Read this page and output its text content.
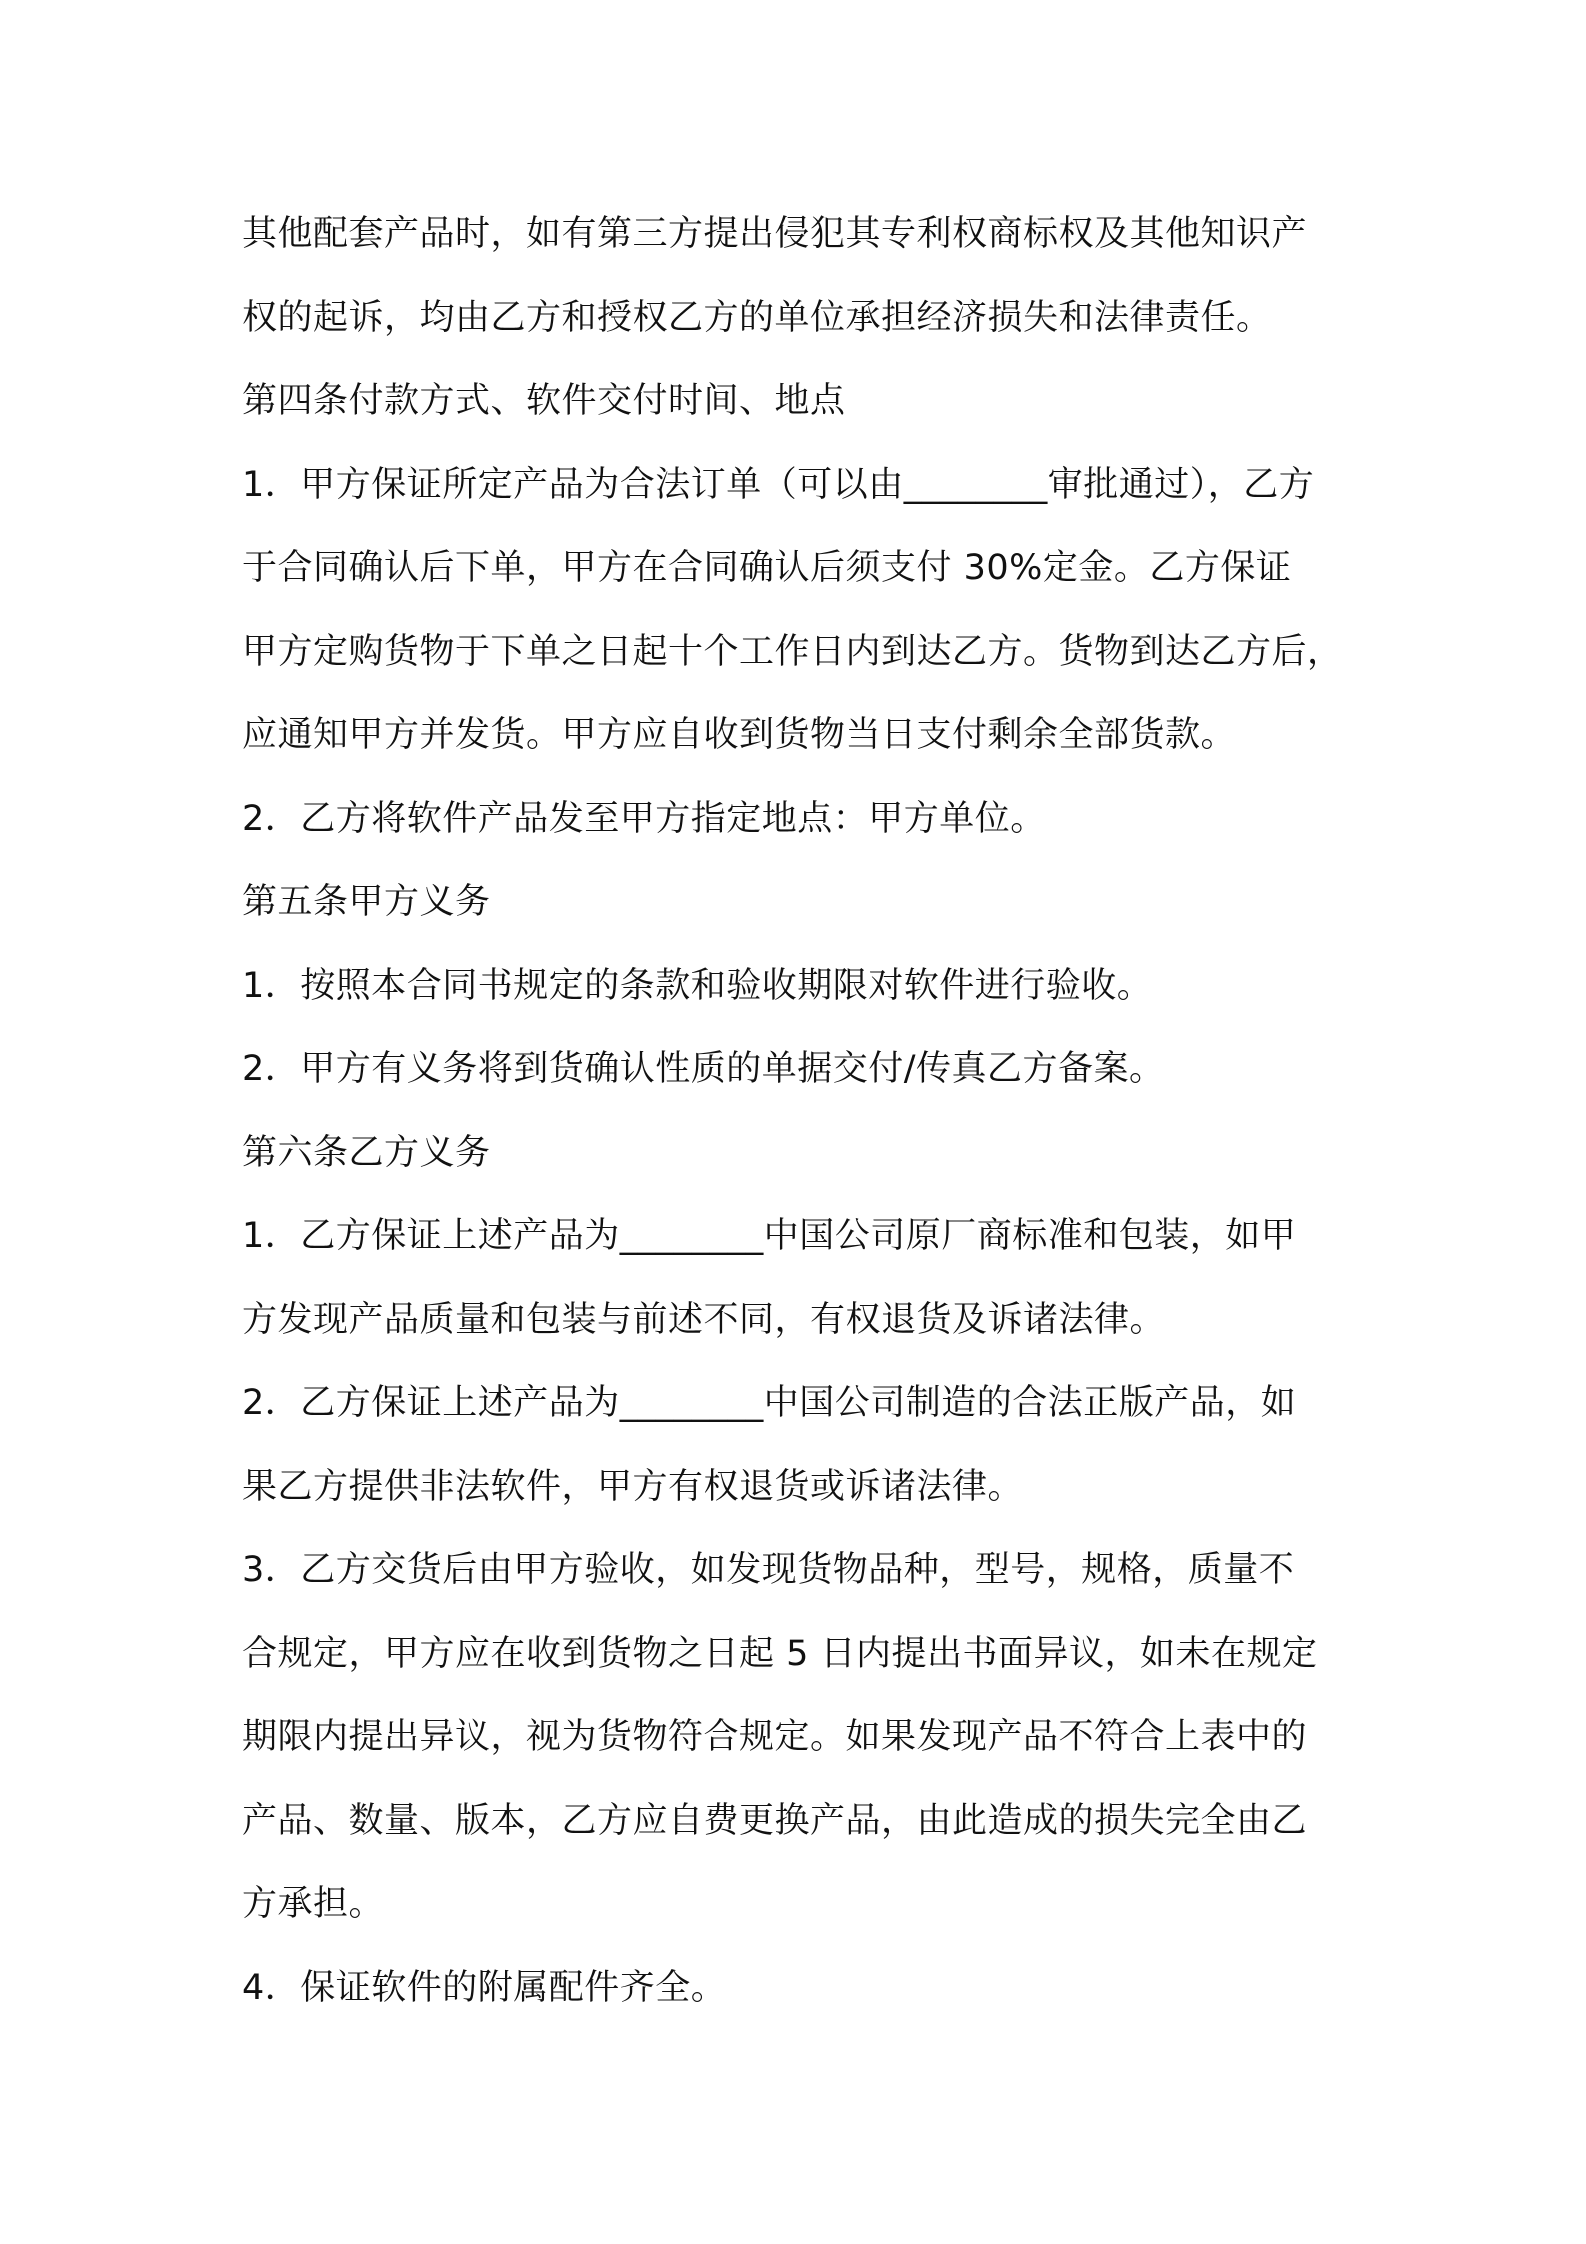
其他配套产品时，如有第三方提出侵犯其专利权商标权及其他知识产
权的起诉，均由乙方和授权乙方的单位承担经济损失和法律责任。
第四条付款方式、软件交付时间、地点
1．甲方保证所定产品为合法订单（可以由________审批通过），乙方
于合同确认后下单，甲方在合同确认后须支付 30%定金。乙方保证
甲方定购货物于下单之日起十个工作日内到达乙方。货物到达乙方后，
应通知甲方并发货。甲方应自收到货物当日支付剩余全部货款。
2．乙方将软件产品发至甲方指定地点：甲方单位。
第五条甲方义务
1．按照本合同书规定的条款和验收期限对软件进行验收。
2．甲方有义务将到货确认性质的单据交付/传真乙方备案。
第六条乙方义务
1．乙方保证上述产品为________中国公司原厂商标准和包装，如甲
方发现产品质量和包装与前述不同，有权退货及诉诸法律。
2．乙方保证上述产品为________中国公司制造的合法正版产品，如
果乙方提供非法软件，甲方有权退货或诉诸法律。
3．乙方交货后由甲方验收，如发现货物品种，型号，规格，质量不
合规定，甲方应在收到货物之日起 5 日内提出书面异议，如未在规定
期限内提出异议，视为货物符合规定。如果发现产品不符合上表中的
产品、数量、版本，乙方应自费更换产品，由此造成的损失完全由乙
方承担。
4．保证软件的附属配件齐全。
